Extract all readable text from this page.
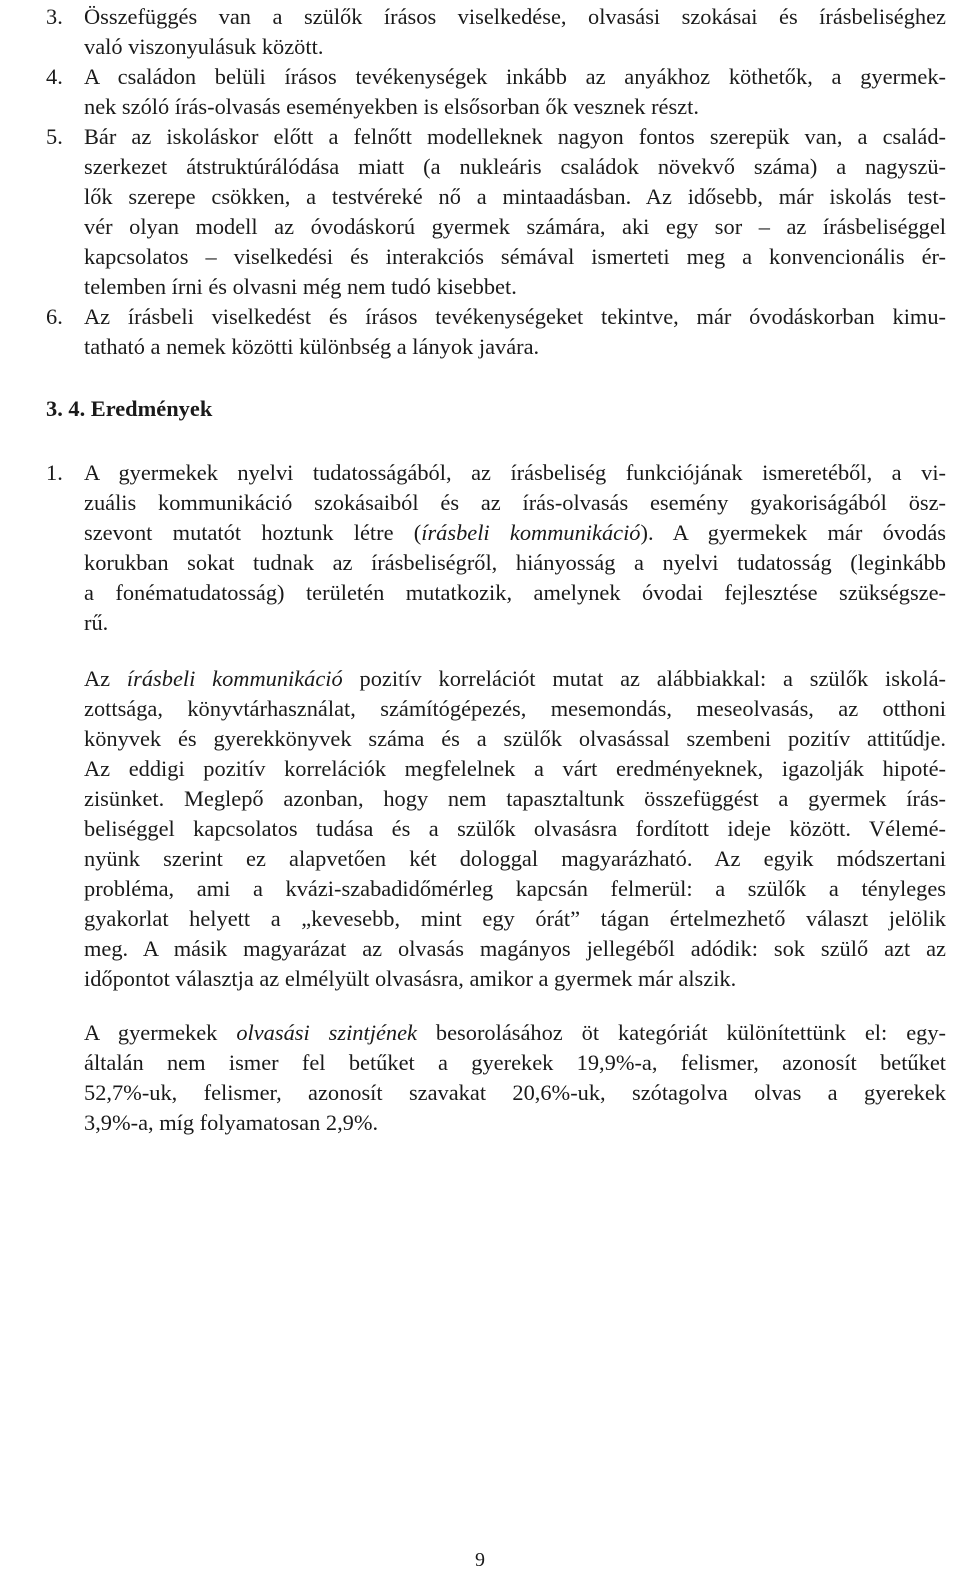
3. Összefüggés van a szülők írásos viselkedése, olvasási szokásai és írásbeliséghez
való viszonyulásuk között.
4. A családon belüli írásos tevékenységek inkább az anyákhoz köthetők, a gyermek-
nek szóló írás-olvasás eseményekben is elsősorban ők vesznek részt.
5. Bár az iskoláskor előtt a felnőtt modelleknek nagyon fontos szerepük van, a család-
szerkezet átstruktúrálódása miatt (a nukleáris családok növekvő száma) a nagyszü-
lők szerepe csökken, a testvéreké nő a mintaadásban. Az idősebb, már iskolás test-
vér olyan modell az óvodáskorú gyermek számára, aki egy sor – az írásbeliséggel
kapcsolatos – viselkedési és interakciós sémával ismerteti meg a konvencionális ér-
telemben írni és olvasni még nem tudó kisebbet.
6. Az írásbeli viselkedést és írásos tevékenységeket tekintve, már óvodáskorban kimu-
tatható a nemek közötti különbség a lányok javára.
3. 4. Eredmények
1. A gyermekek nyelvi tudatosságából, az írásbeliség funkciójának ismeretéből, a vi-
zuális kommunikáció szokásaiból és az írás-olvasás esemény gyakoriságából ösz-
szevont mutatót hoztunk létre (írásbeli kommunikáció). A gyermekek már óvodás
korukban sokat tudnak az írásbeliségről, hiányosság a nyelvi tudatosság (leginkább
a fonématudatosság) területén mutatkozik, amelynek óvodai fejlesztése szükségsze-
rű.
Az írásbeli kommunikáció pozitív korrelációt mutat az alábbiakkal: a szülők iskolá-
zottsága, könyvtárhasználat, számítógépezés, mesemondás, meseolvasás, az otthoni
könyvek és gyerekkönyvek száma és a szülők olvasással szembeni pozitív attitűdje.
Az eddigi pozitív korrelációk megfelelnek a várt eredményeknek, igazolják hipoté-
zisünket. Meglepő azonban, hogy nem tapasztaltunk összefüggést a gyermek írás-
beliséggel kapcsolatos tudása és a szülők olvasásra fordított ideje között. Vélemé-
nyünk szerint ez alapvetően két dologgal magyarázható. Az egyik módszertani
probléma, ami a kvázi-szabadidőmérleg kapcsán felmerül: a szülők a tényleges
gyakorlat helyett a „kevesebb, mint egy órát” tágan értelmezhető választ jelölik
meg. A másik magyarázat az olvasás magányos jellegéből adódik: sok szülő azt az
időpontot választja az elmélyült olvasásra, amikor a gyermek már alszik.
A gyermekek olvasási szintjének besorolásához öt kategóriát különítettünk el: egy-
általán nem ismer fel betűket a gyerekek 19,9%-a, felismer, azonosít betűket
52,7%-uk, felismer, azonosít szavakat 20,6%-uk, szótagolva olvas a gyerekek
3,9%-a, míg folyamatosan 2,9%.
9
